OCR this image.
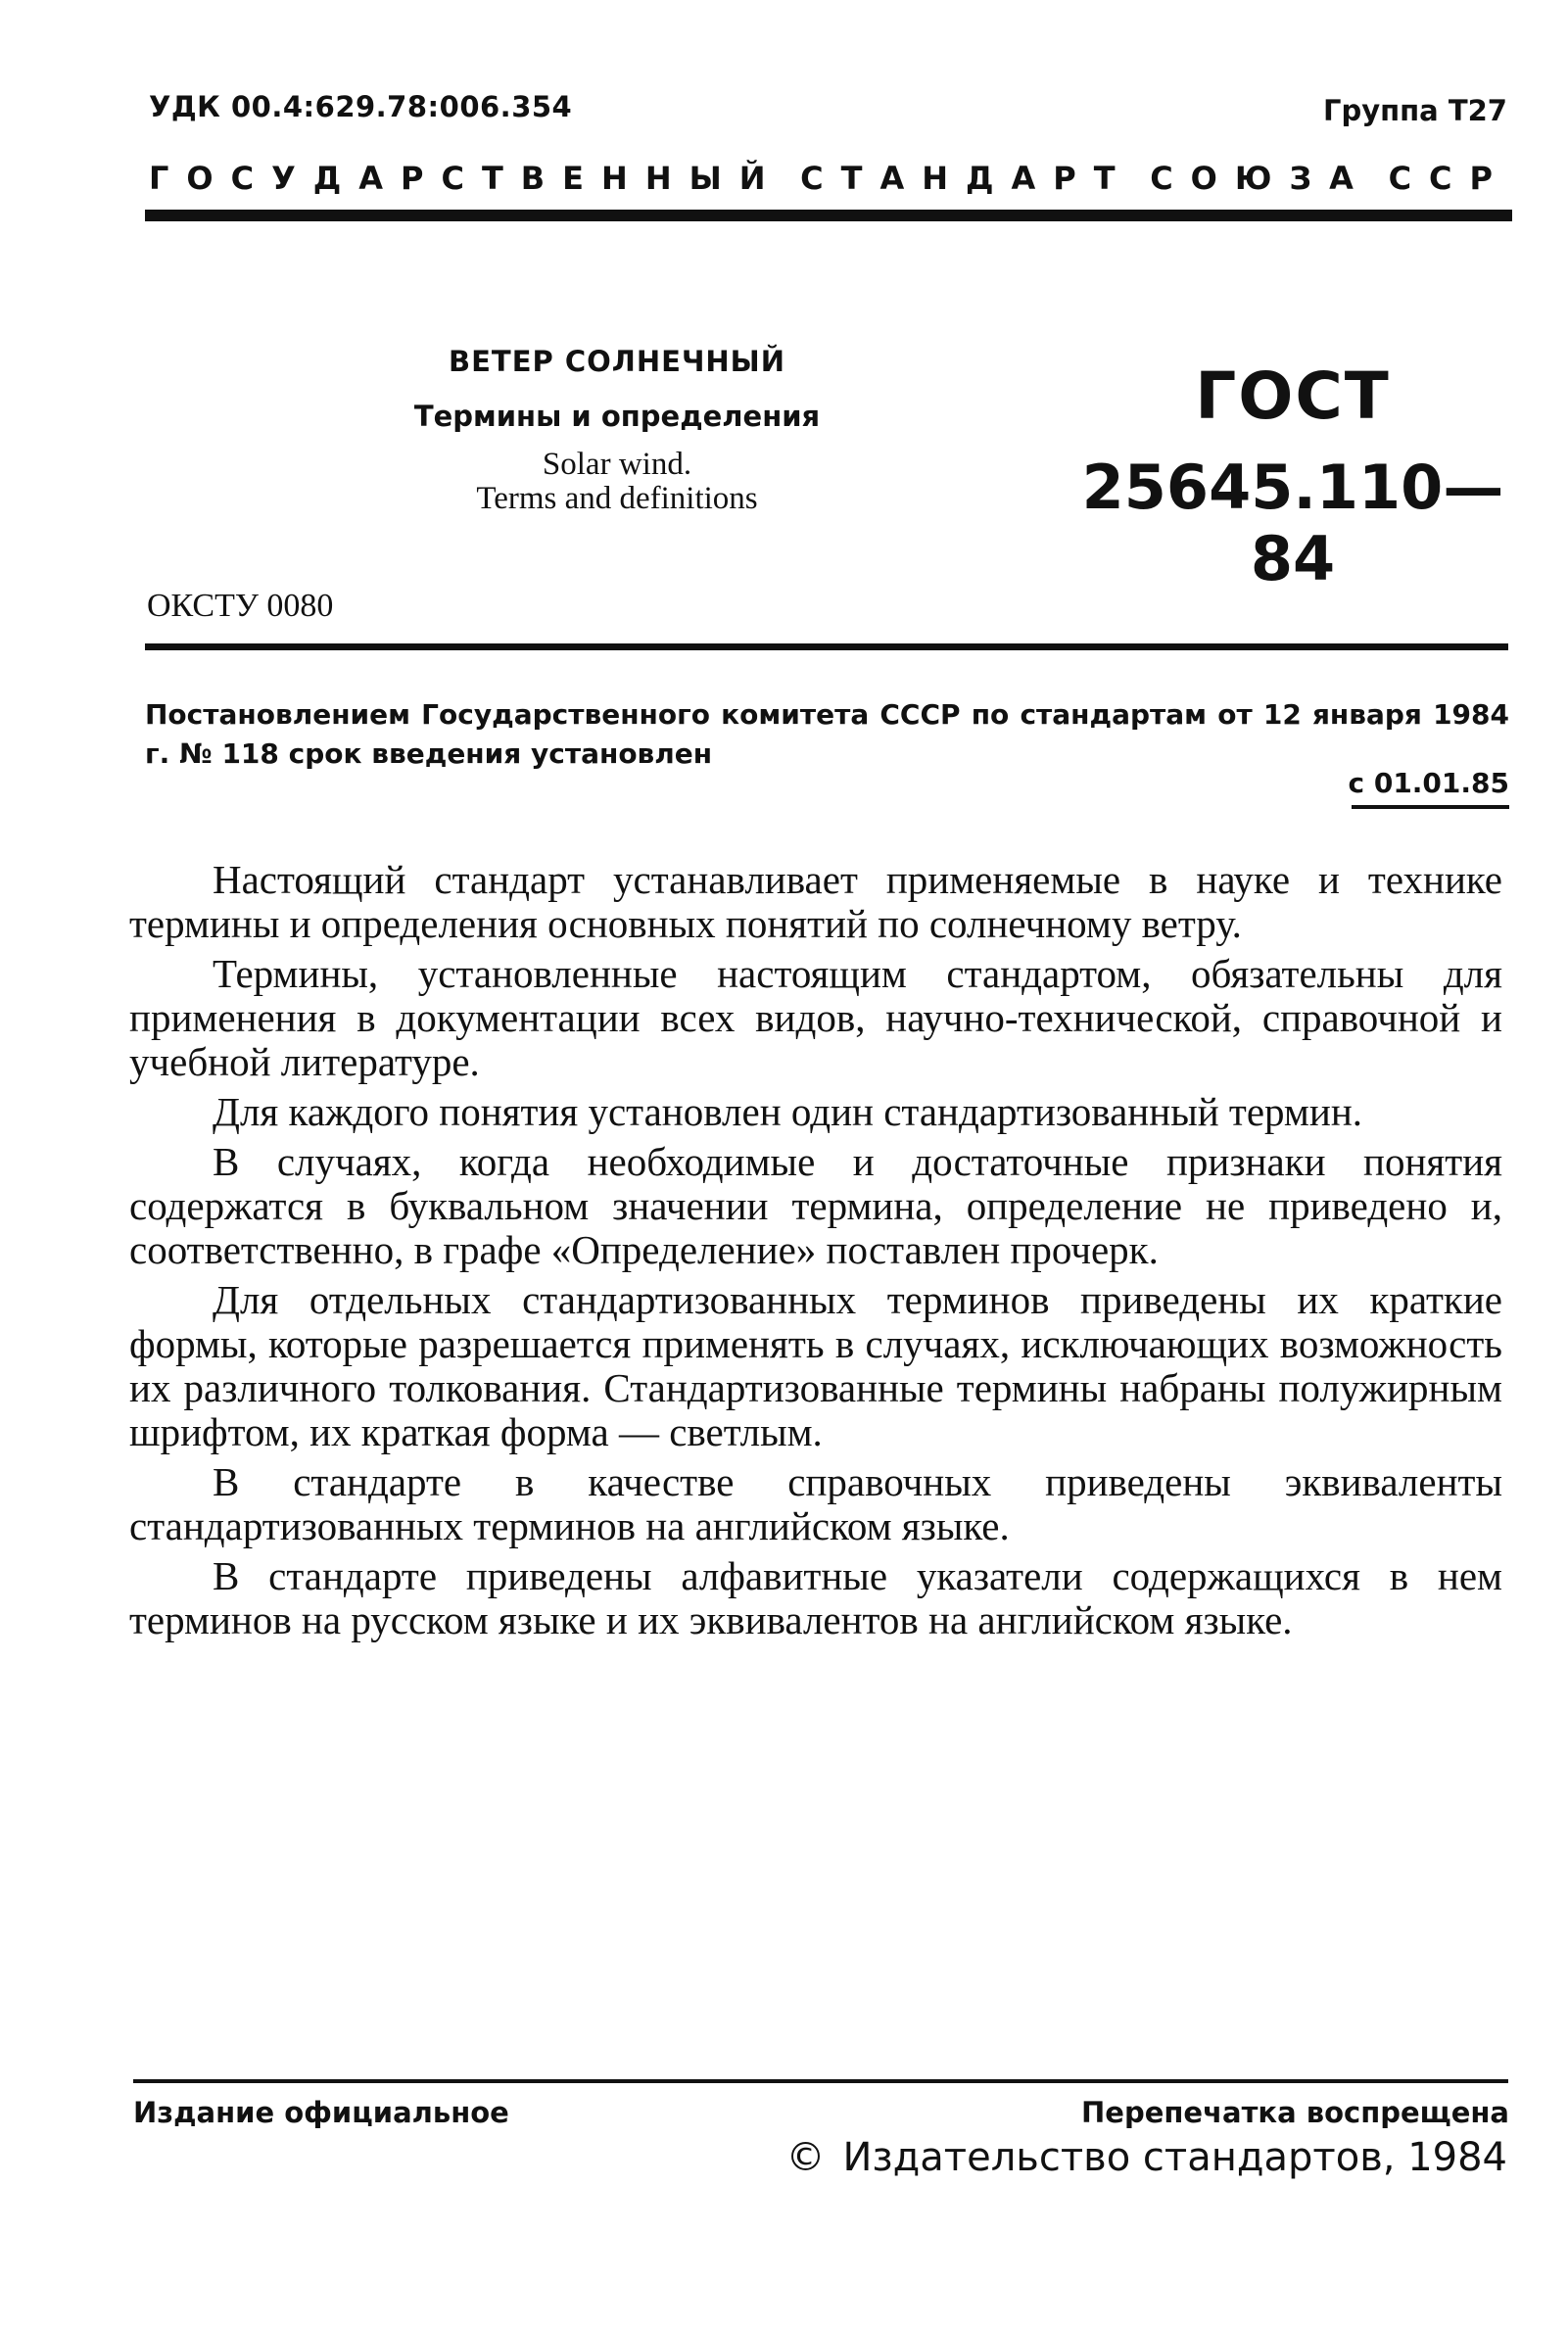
УДК 00.4:629.78:006.354	Группа Т27
ГОСУДАРСТВЕННЫЙ СТАНДАРТ СОЮЗА ССР
ВЕТЕР СОЛНЕЧНЫЙ
Термины и определения
Solar wind.
Terms and definitions
ГОСТ
25645.110—84
ОКСТУ 0080
Постановлением Государственного комитета СССР по стандартам от 12 января 1984 г. № 118 срок введения установлен
с 01.01.85

Настоящий стандарт устанавливает применяемые в науке и технике термины и определения основных понятий по солнечному ветру.

Термины, установленные настоящим стандартом, обязательны для применения в документации всех видов, научно-технической, справочной и учебной литературе.

Для каждого понятия установлен один стандартизованный термин.

В случаях, когда необходимые и достаточные признаки понятия содержатся в буквальном значении термина, определение не приведено и, соответственно, в графе «Определение» поставлен прочерк.

Для отдельных стандартизованных терминов приведены их краткие формы, которые разрешается применять в случаях, исключающих возможность их различного толкования. Стандартизованные термины набраны полужирным шрифтом, их краткая форма — светлым.

В стандарте в качестве справочных приведены эквиваленты стандартизованных терминов на английском языке.

В стандарте приведены алфавитные указатели содержащихся в нем терминов на русском языке и их эквивалентов на английском языке.

Издание официальное	Перепечатка воспрещена
© Издательство стандартов, 1984
